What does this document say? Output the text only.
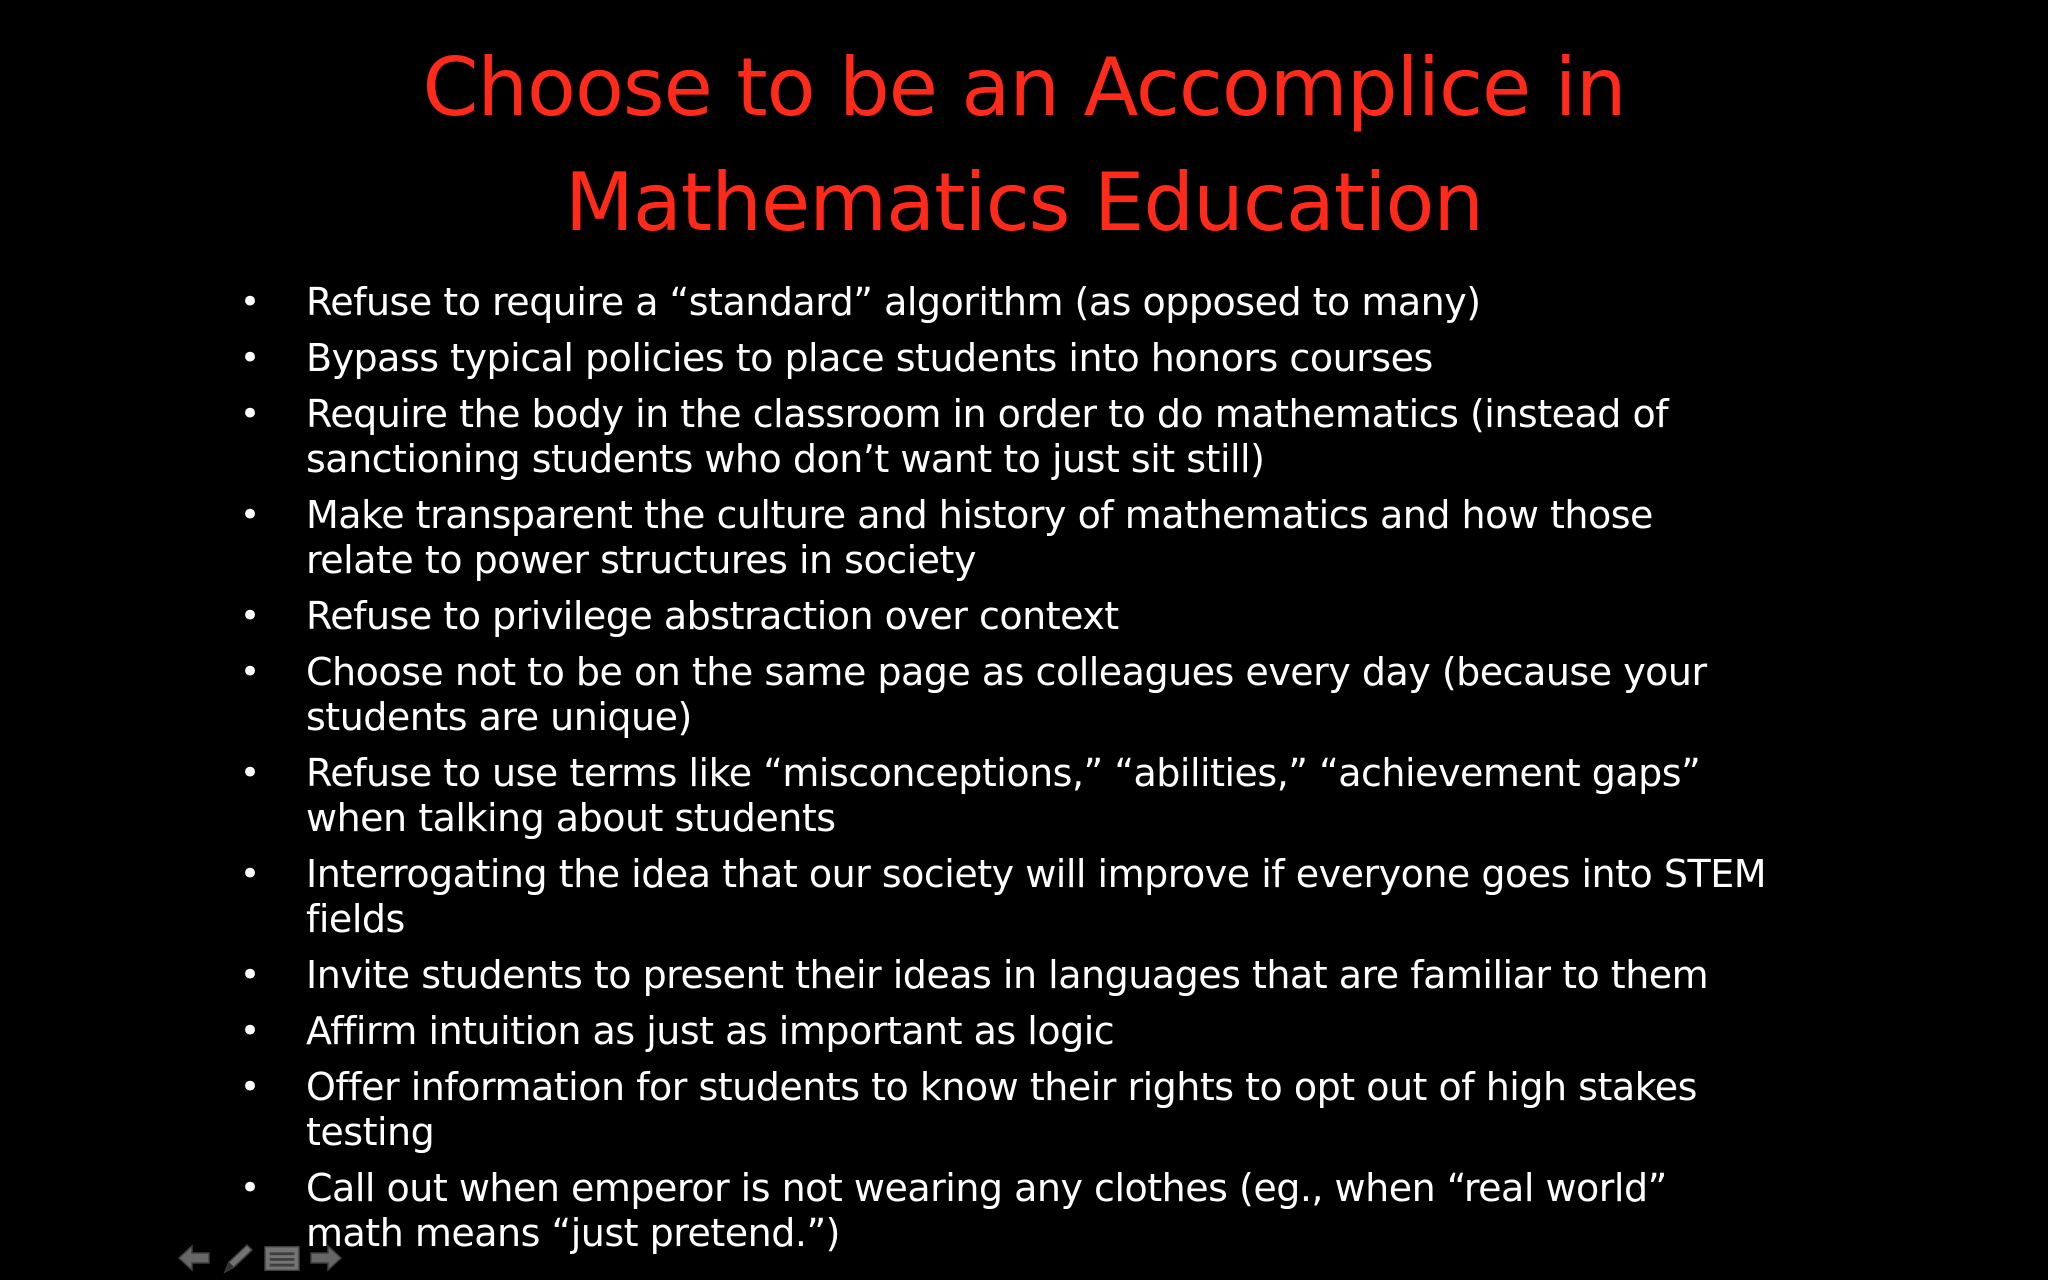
Choose to be an Accomplice in
Mathematics Education
• Refuse to require a “standard” algorithm (as opposed to many)
• Bypass typical policies to place students into honors courses
• Require the body in the classroom in order to do mathematics (instead of
sanctioning students who don’t want to just sit still)
• Make transparent the culture and history of mathematics and how those
relate to power structures in society
• Refuse to privilege abstraction over context
• Choose not to be on the same page as colleagues every day (because your
students are unique)
• Refuse to use terms like “misconceptions,” “abilities,” “achievement gaps”
when talking about students
• Interrogating the idea that our society will improve if everyone goes into STEM
fields
• Invite students to present their ideas in languages that are familiar to them
• Affirm intuition as just as important as logic
• Offer information for students to know their rights to opt out of high stakes
testing
• Call out when emperor is not wearing any clothes (eg., when “real world”
math means “just pretend.”)
